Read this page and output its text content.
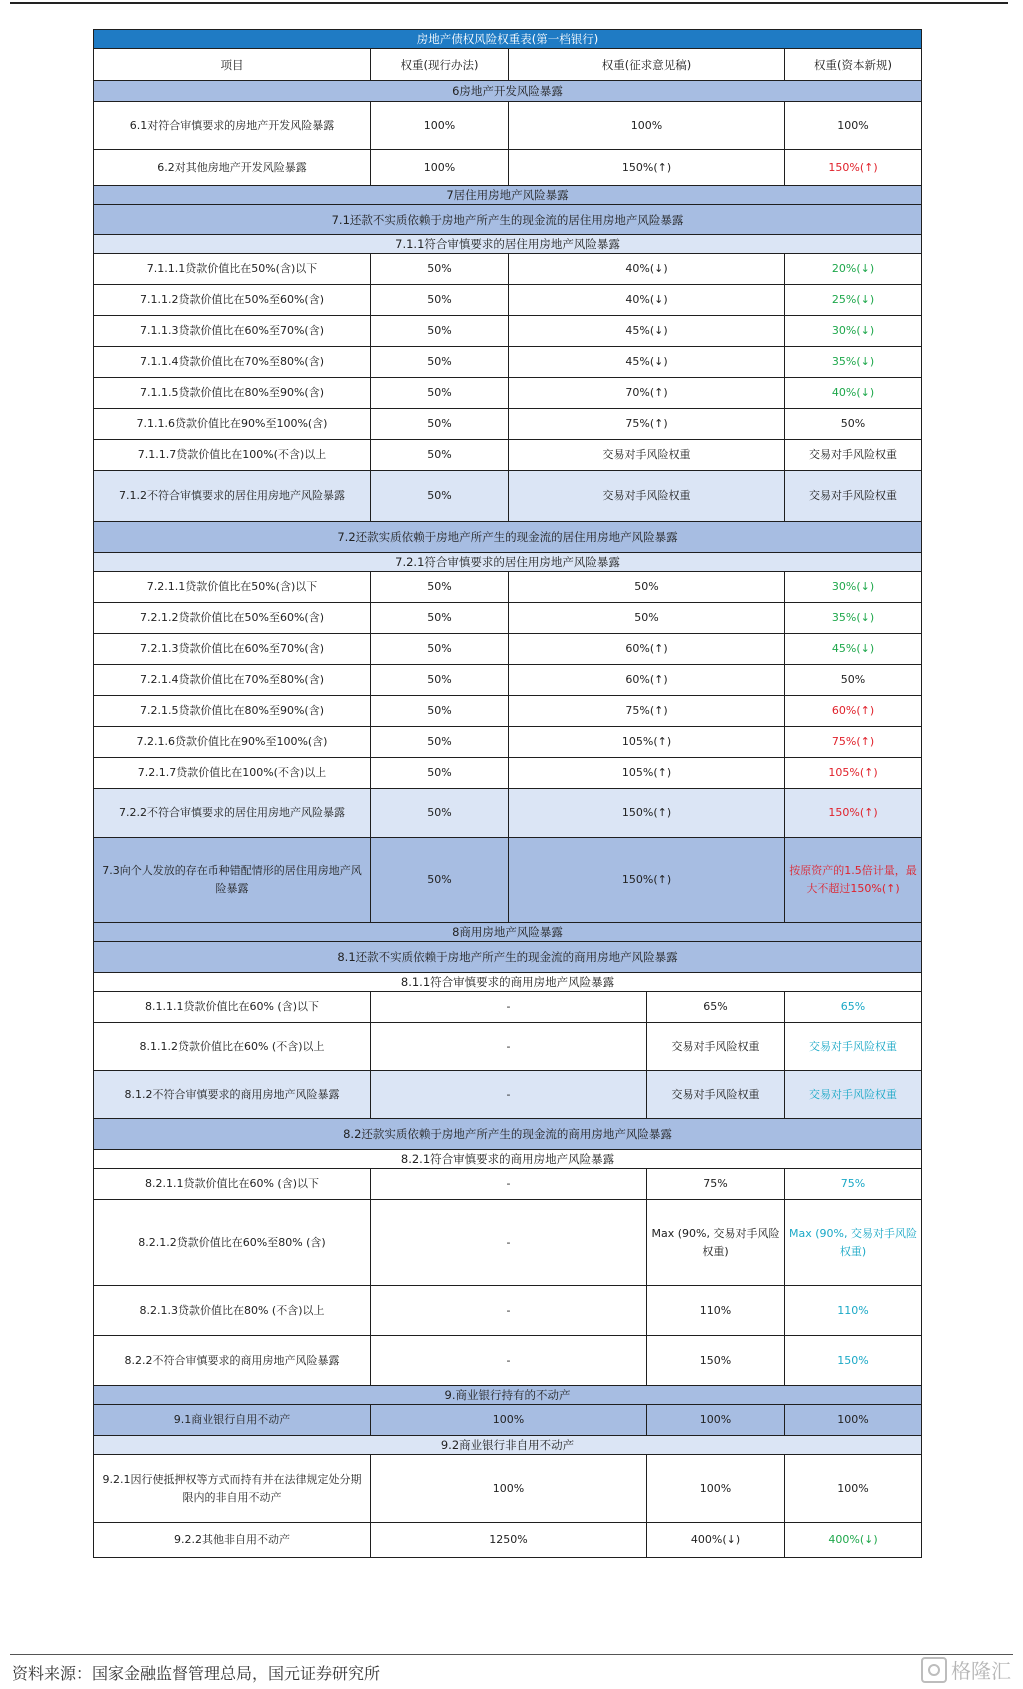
房地产债权风险权重表(第一档银行)				
项目	权重(现行办法)	权重(征求意见稿)		权重(资本新规)
6房地产开发风险暴露				
6.1对符合审慎要求的房地产开发风险暴露	100%	100%		100%
6.2对其他房地产开发风险暴露	100%	150%(↑)		150%(↑)
7居住用房地产风险暴露				
7.1还款不实质依赖于房地产所产生的现金流的居住用房地产风险暴露				
7.1.1符合审慎要求的居住用房地产风险暴露				
7.1.1.1贷款价值比在50%(含)以下	50%	40%(↓)		20%(↓)
7.1.1.2贷款价值比在50%至60%(含)	50%	40%(↓)		25%(↓)
7.1.1.3贷款价值比在60%至70%(含)	50%	45%(↓)		30%(↓)
7.1.1.4贷款价值比在70%至80%(含)	50%	45%(↓)		35%(↓)
7.1.1.5贷款价值比在80%至90%(含)	50%	70%(↑)		40%(↓)
7.1.1.6贷款价值比在90%至100%(含)	50%	75%(↑)		50%
7.1.1.7贷款价值比在100%(不含)以上	50%	交易对手风险权重		交易对手风险权重
7.1.2不符合审慎要求的居住用房地产风险暴露	50%	交易对手风险权重		交易对手风险权重
7.2还款实质依赖于房地产所产生的现金流的居住用房地产风险暴露				
7.2.1符合审慎要求的居住用房地产风险暴露				
7.2.1.1贷款价值比在50%(含)以下	50%	50%		30%(↓)
7.2.1.2贷款价值比在50%至60%(含)	50%	50%		35%(↓)
7.2.1.3贷款价值比在60%至70%(含)	50%	60%(↑)		45%(↓)
7.2.1.4贷款价值比在70%至80%(含)	50%	60%(↑)		50%
7.2.1.5贷款价值比在80%至90%(含)	50%	75%(↑)		60%(↑)
7.2.1.6贷款价值比在90%至100%(含)	50%	105%(↑)		75%(↑)
7.2.1.7贷款价值比在100%(不含)以上	50%	105%(↑)		105%(↑)
7.2.2不符合审慎要求的居住用房地产风险暴露	50%	150%(↑)		150%(↑)
7.3向个人发放的存在币种错配情形的居住用房地产风险暴露	50%	150%(↑)		按原资产的1.5倍计量，最大不超过150%(↑)
8商用房地产风险暴露				
8.1还款不实质依赖于房地产所产生的现金流的商用房地产风险暴露				
8.1.1符合审慎要求的商用房地产风险暴露				
8.1.1.1贷款价值比在60% (含)以下	-		65%	65%
8.1.1.2贷款价值比在60% (不含)以上	-		交易对手风险权重	交易对手风险权重
8.1.2不符合审慎要求的商用房地产风险暴露	-		交易对手风险权重	交易对手风险权重
8.2还款实质依赖于房地产所产生的现金流的商用房地产风险暴露				
8.2.1符合审慎要求的商用房地产风险暴露				
8.2.1.1贷款价值比在60% (含)以下	-		75%	75%
8.2.1.2贷款价值比在60%至80% (含)	-		Max (90%, 交易对手风险权重)	Max (90%, 交易对手风险权重)
8.2.1.3贷款价值比在80% (不含)以上	-		110%	110%
8.2.2不符合审慎要求的商用房地产风险暴露	-		150%	150%
9.商业银行持有的不动产				
9.1商业银行自用不动产	100%		100%	100%
9.2商业银行非自用不动产				
9.2.1因行使抵押权等方式而持有并在法律规定处分期限内的非自用不动产	100%		100%	100%
9.2.2其他非自用不动产	1250%		400%(↓)	400%(↓)
资料来源：国家金融监督管理总局，国元证券研究所	格隆汇
